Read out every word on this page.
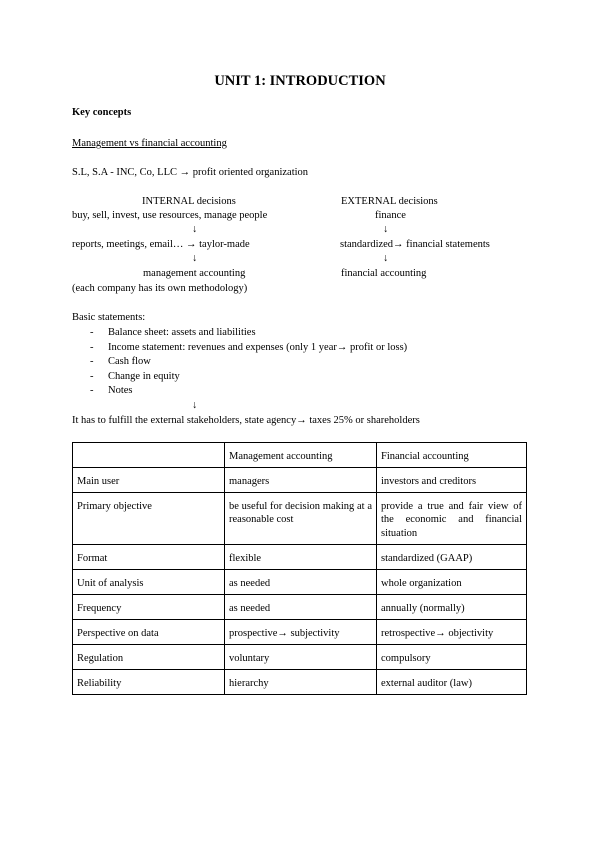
UNIT 1: INTRODUCTION
Key concepts
Management vs financial accounting
S.L, S.A - INC, Co, LLC → profit oriented organization
INTERNAL decisions
buy, sell, invest, use resources, manage people
↓
reports, meetings, email… → taylor-made
↓
management accounting
(each company has its own methodology)
EXTERNAL decisions
finance
↓
standardized→ financial statements
↓
financial accounting
Basic statements:
- Balance sheet: assets and liabilities
- Income statement: revenues and expenses (only 1 year→ profit or loss)
- Cash flow
- Change in equity
- Notes
↓
It has to fulfill the external stakeholders, state agency→ taxes 25% or shareholders
	Management accounting	Financial accounting
Main user	managers	investors and creditors
Primary objective	be useful for decision making at a reasonable cost	provide a true and fair view of the economic and financial situation
Format	flexible	standardized (GAAP)
Unit of analysis	as needed	whole organization
Frequency	as needed	annually (normally)
Perspective on data	prospective→ subjectivity	retrospective→ objectivity
Regulation	voluntary	compulsory
Reliability	hierarchy	external auditor (law)
